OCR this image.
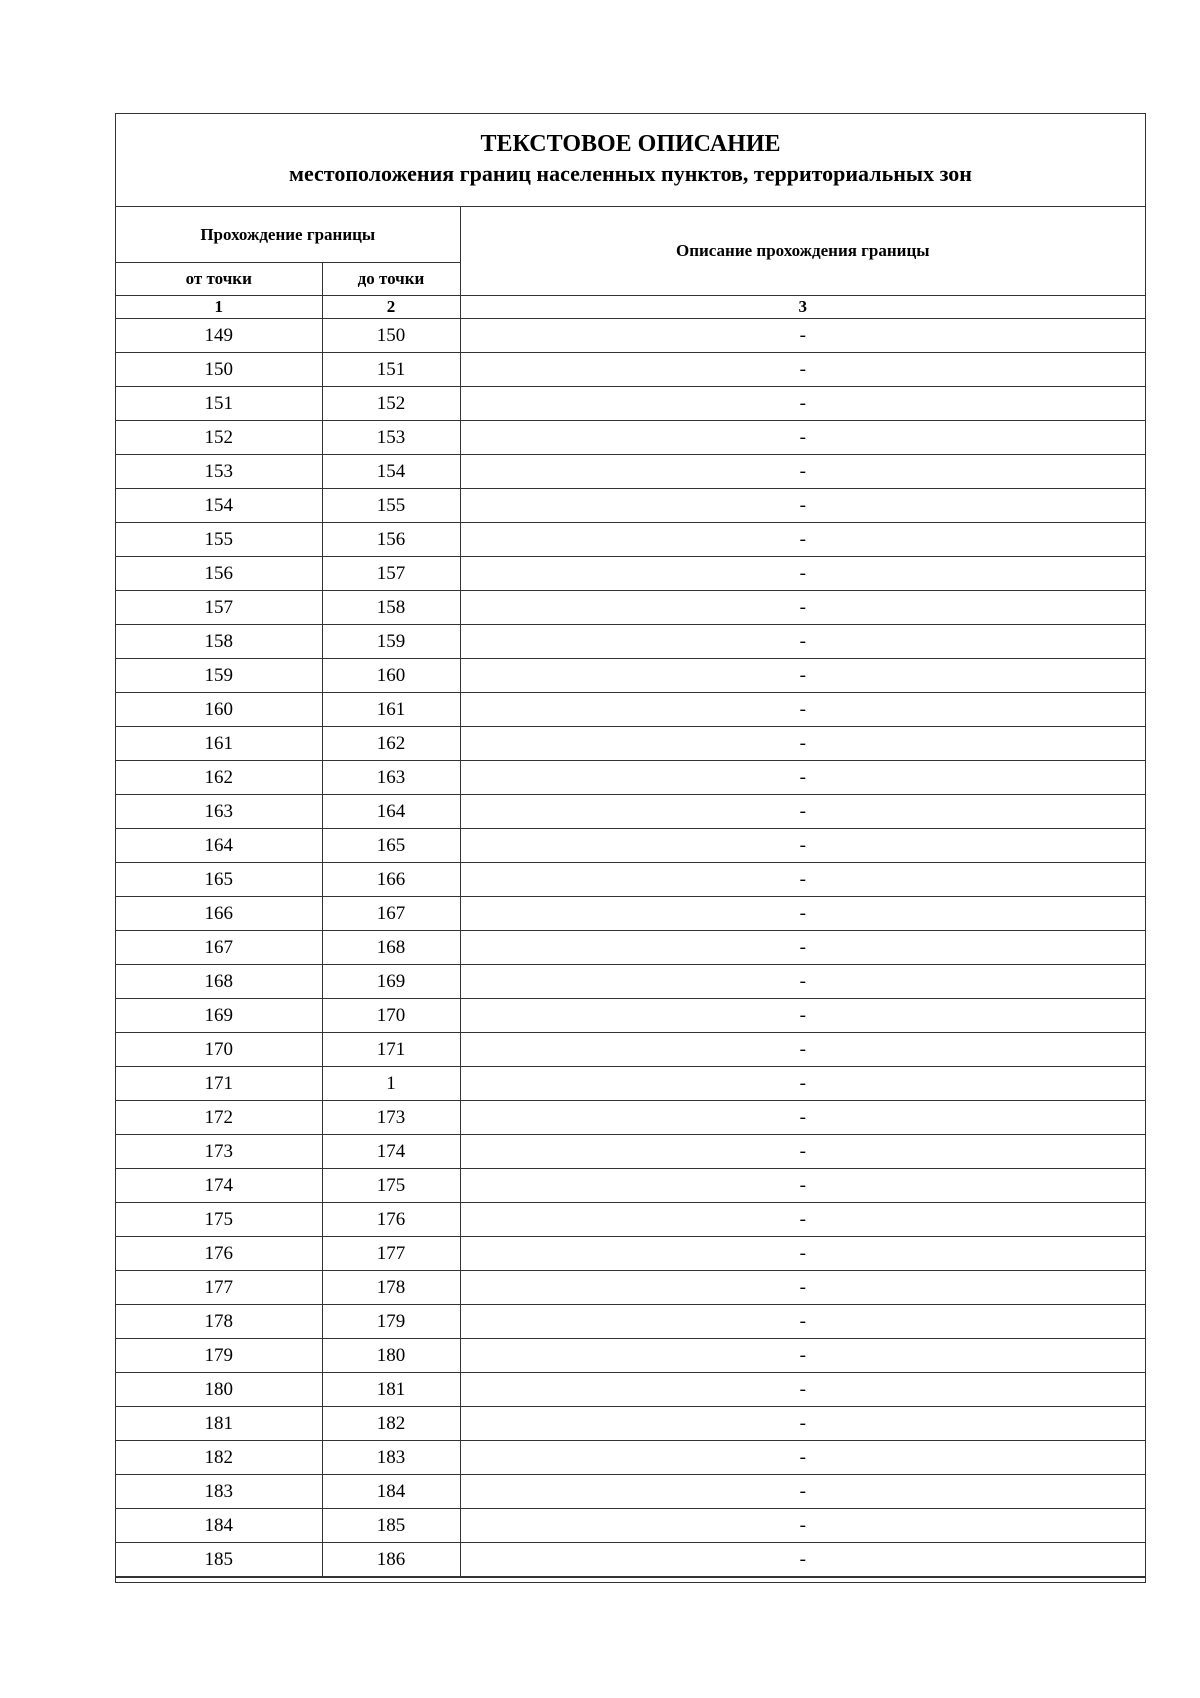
ТЕКСТОВОЕ ОПИСАНИЕ
местоположения границ населенных пунктов, территориальных зон
Прохождение границы		Описание прохождения границы
от точки	до точки	
1	2	3
149	150	-
150	151	-
151	152	-
152	153	-
153	154	-
154	155	-
155	156	-
156	157	-
157	158	-
158	159	-
159	160	-
160	161	-
161	162	-
162	163	-
163	164	-
164	165	-
165	166	-
166	167	-
167	168	-
168	169	-
169	170	-
170	171	-
171	1	-
172	173	-
173	174	-
174	175	-
175	176	-
176	177	-
177	178	-
178	179	-
179	180	-
180	181	-
181	182	-
182	183	-
183	184	-
184	185	-
185	186	-
